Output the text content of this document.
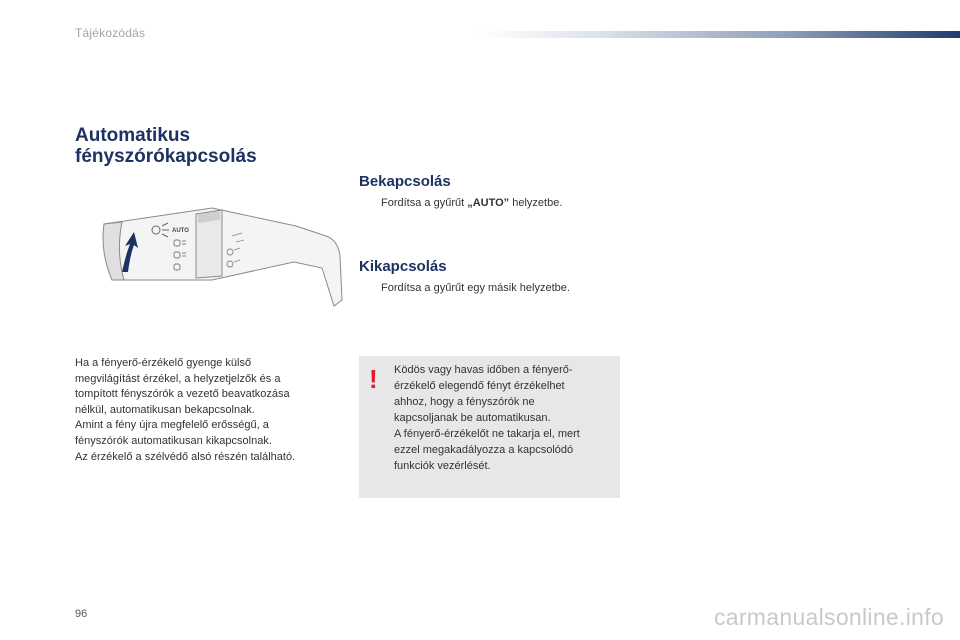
Tájékozódás
Automatikus
fényszórókapcsolás
AUTO
Bekapcsolás
Fordítsa a gyűrűt „AUTO” helyzetbe.
Kikapcsolás
Fordítsa a gyűrűt egy másik helyzetbe.
Ha a fényerő-érzékelő gyenge külső
megvilágítást érzékel, a helyzetjelzők és a
tompított fényszórók a vezető beavatkozása
nélkül, automatikusan bekapcsolnak.
Amint a fény újra megfelelő erősségű, a
fényszórók automatikusan kikapcsolnak.
Az érzékelő a szélvédő alsó részén található.
! Ködös vagy havas időben a fényerő-
érzékelő elegendő fényt érzékelhet
ahhoz, hogy a fényszórók ne
kapcsoljanak be automatikusan.
A fényerő-érzékelőt ne takarja el, mert
ezzel megakadályozza a kapcsolódó
funkciók vezérlését.
96	carmanualsonline.info
